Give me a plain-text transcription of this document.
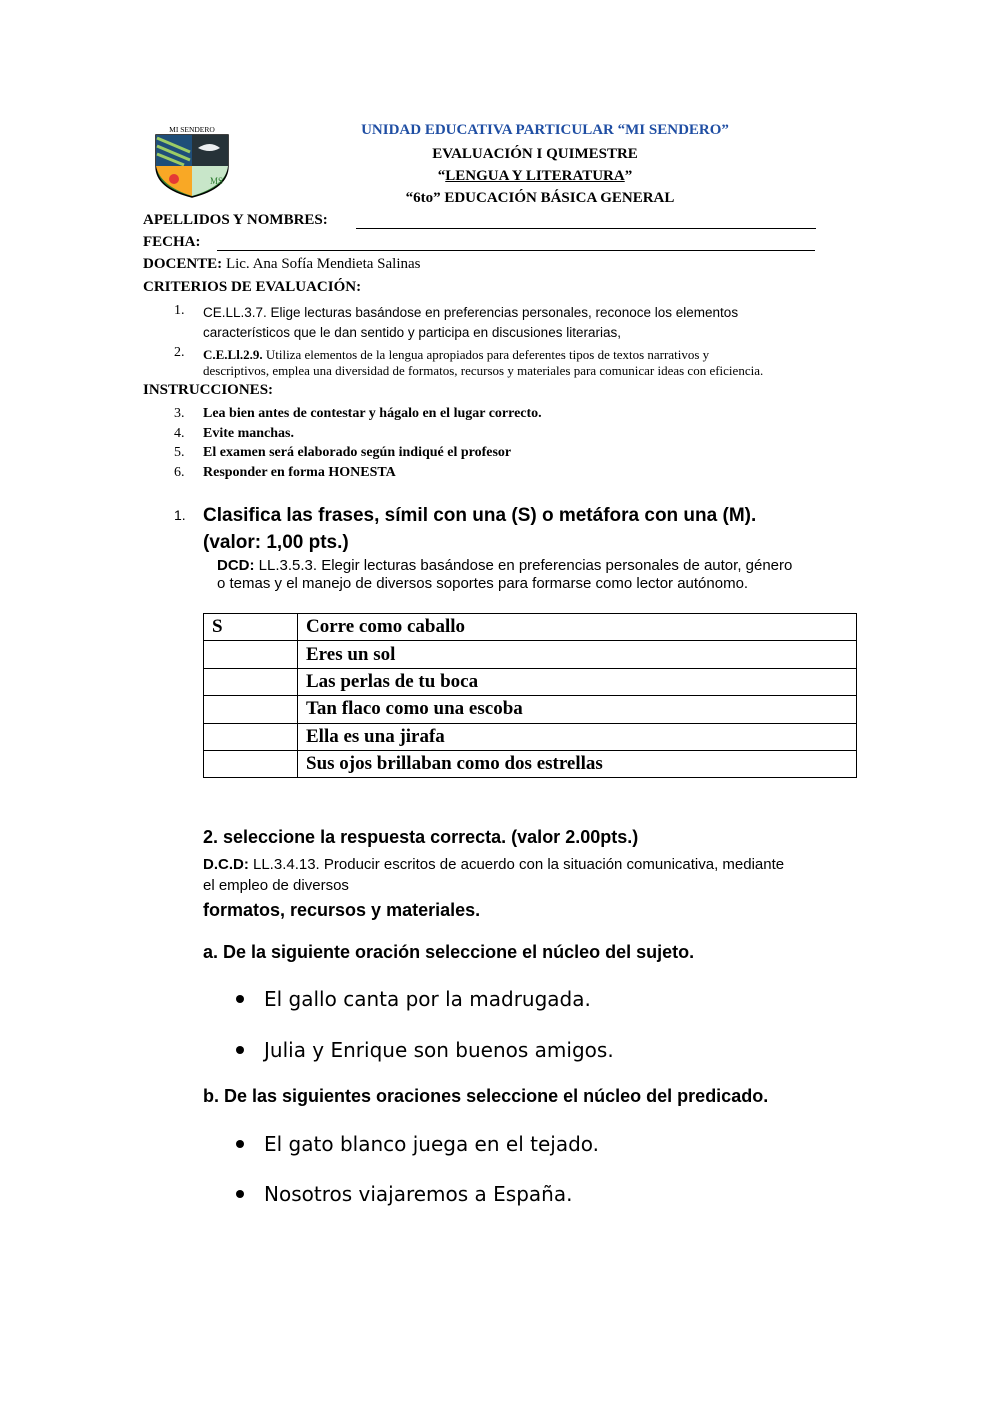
MI SENDERO
MS
UNIDAD EDUCATIVA PARTICULAR “MI SENDERO”
EVALUACIÓN I QUIMESTRE
“LENGUA Y LITERATURA”
“6to” EDUCACIÓN BÁSICA GENERAL
APELLIDOS Y NOMBRES:
FECHA:
DOCENTE: Lic. Ana Sofía Mendieta Salinas
CRITERIOS DE EVALUACIÓN:
1. CE.LL.3.7. Elige lecturas basándose en preferencias personales, reconoce los elementos
característicos que le dan sentido y participa en discusiones literarias,
2. C.E.Ll.2.9. Utiliza elementos de la lengua apropiados para deferentes tipos de textos narrativos y
descriptivos, emplea una diversidad de formatos, recursos y materiales para comunicar ideas con eficiencia.
INSTRUCCIONES:
3. Lea bien antes de contestar y hágalo en el lugar correcto.
4. Evite manchas.
5. El examen será elaborado según indiqué el profesor
6. Responder en forma HONESTA
1. Clasifica las frases, símil con una (S) o metáfora con una (M).
(valor: 1,00 pts.)
DCD: LL.3.5.3. Elegir lecturas basándose en preferencias personales de autor, género
o temas y el manejo de diversos soportes para formarse como lector autónomo.
S	Corre como caballo
	Eres un sol
	Las perlas de tu boca
	Tan flaco como una escoba
	Ella es una jirafa
	Sus ojos brillaban como dos estrellas
2. seleccione la respuesta correcta. (valor 2.00pts.)
D.C.D: LL.3.4.13. Producir escritos de acuerdo con la situación comunicativa, mediante
el empleo de diversos
formatos, recursos y materiales.
a. De la siguiente oración seleccione el núcleo del sujeto.
El gallo canta por la madrugada.
Julia y Enrique son buenos amigos.
b. De las siguientes oraciones seleccione el núcleo del predicado.
El gato blanco juega en el tejado.
Nosotros viajaremos a España.
